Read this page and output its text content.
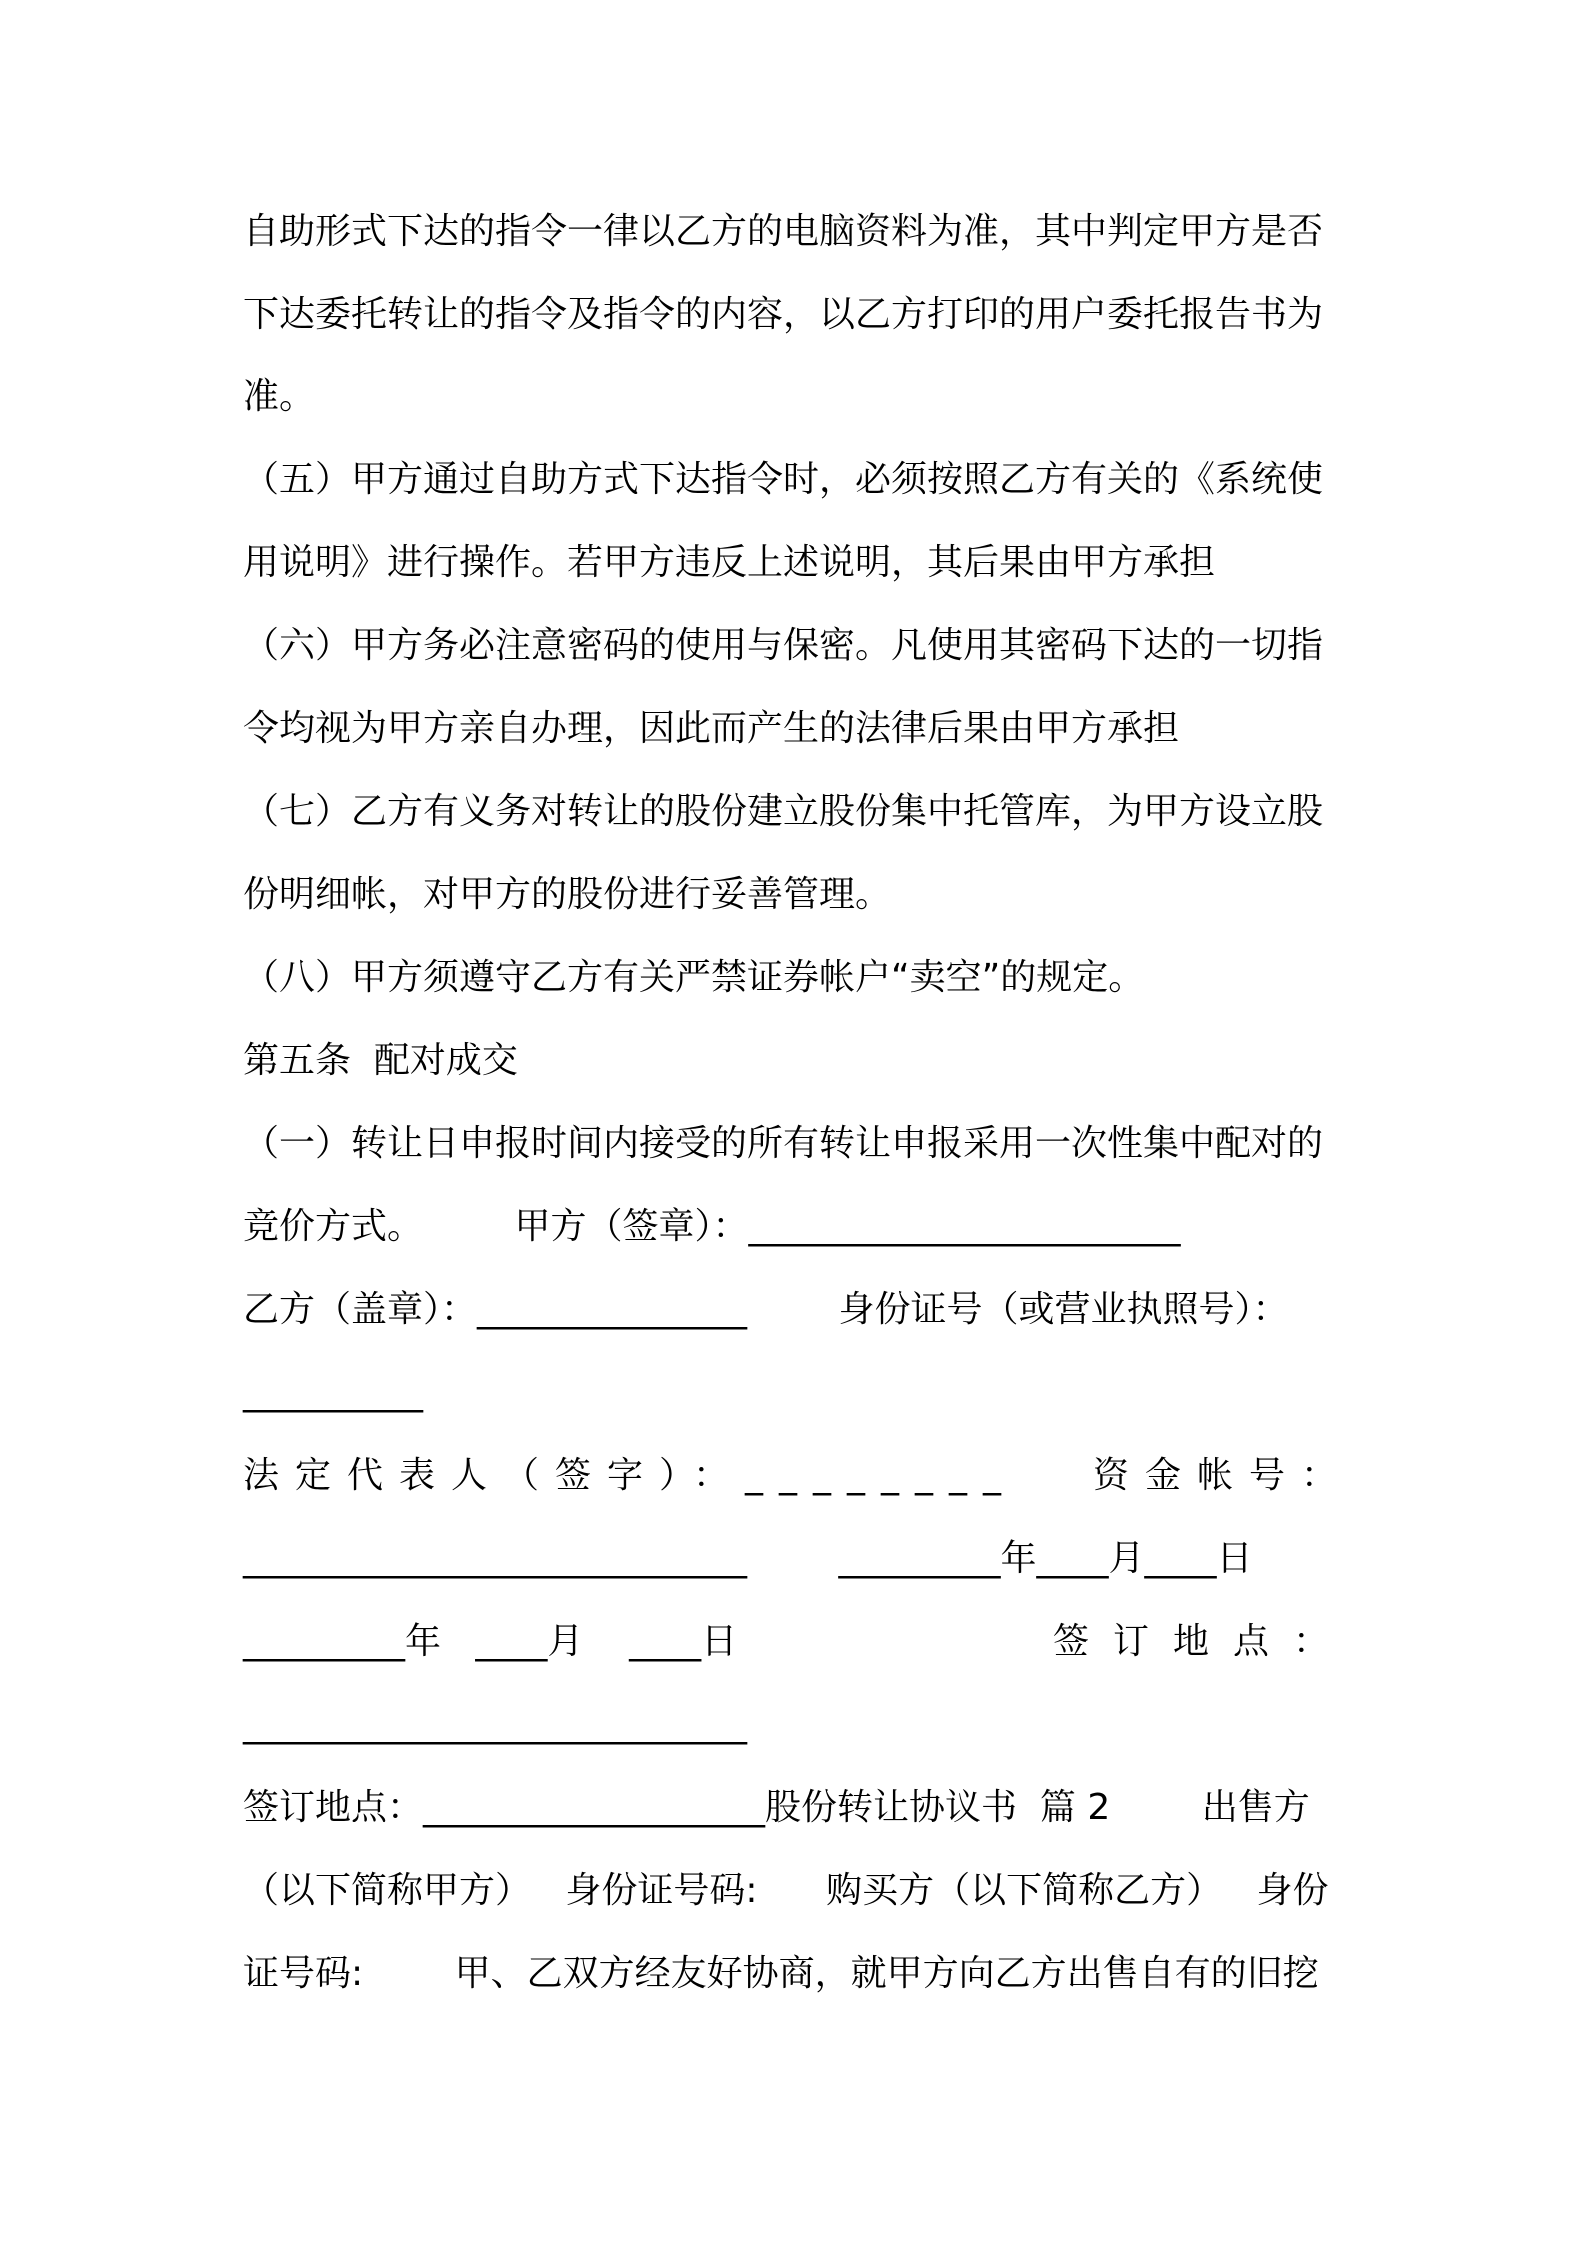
自助形式下达的指令一律以乙方的电脑资料为准，其中判定甲方是否
下达委托转让的指令及指令的内容，以乙方打印的用户委托报告书为
准。
（五）甲方通过自助方式下达指令时，必须按照乙方有关的《系统使
用说明》进行操作。若甲方违反上述说明，其后果由甲方承担
（六）甲方务必注意密码的使用与保密。凡使用其密码下达的一切指
令均视为甲方亲自办理，因此而产生的法律后果由甲方承担
（七）乙方有义务对转让的股份建立股份集中托管库，为甲方设立股
份明细帐，对甲方的股份进行妥善管理。
（八）甲方须遵守乙方有关严禁证券帐户“卖空”的规定。
第五条  配对成交
（一）转让日申报时间内接受的所有转让申报采用一次性集中配对的
竞价方式。        甲方（签章）：________________________
乙方（盖章）：_______________        身份证号（或营业执照号）：
__________
法定代表人（签字）：________ 资金帐号：
____________________________        _________年____月____日
_________年   ____月    ____日	签订地点：
____________________________
签订地点：___________________股份转让协议书  篇 2        出售方
（以下简称甲方）   身份证号码:      购买方（以下简称乙方）   身份
证号码:        甲、乙双方经友好协商，就甲方向乙方出售自有的旧挖
